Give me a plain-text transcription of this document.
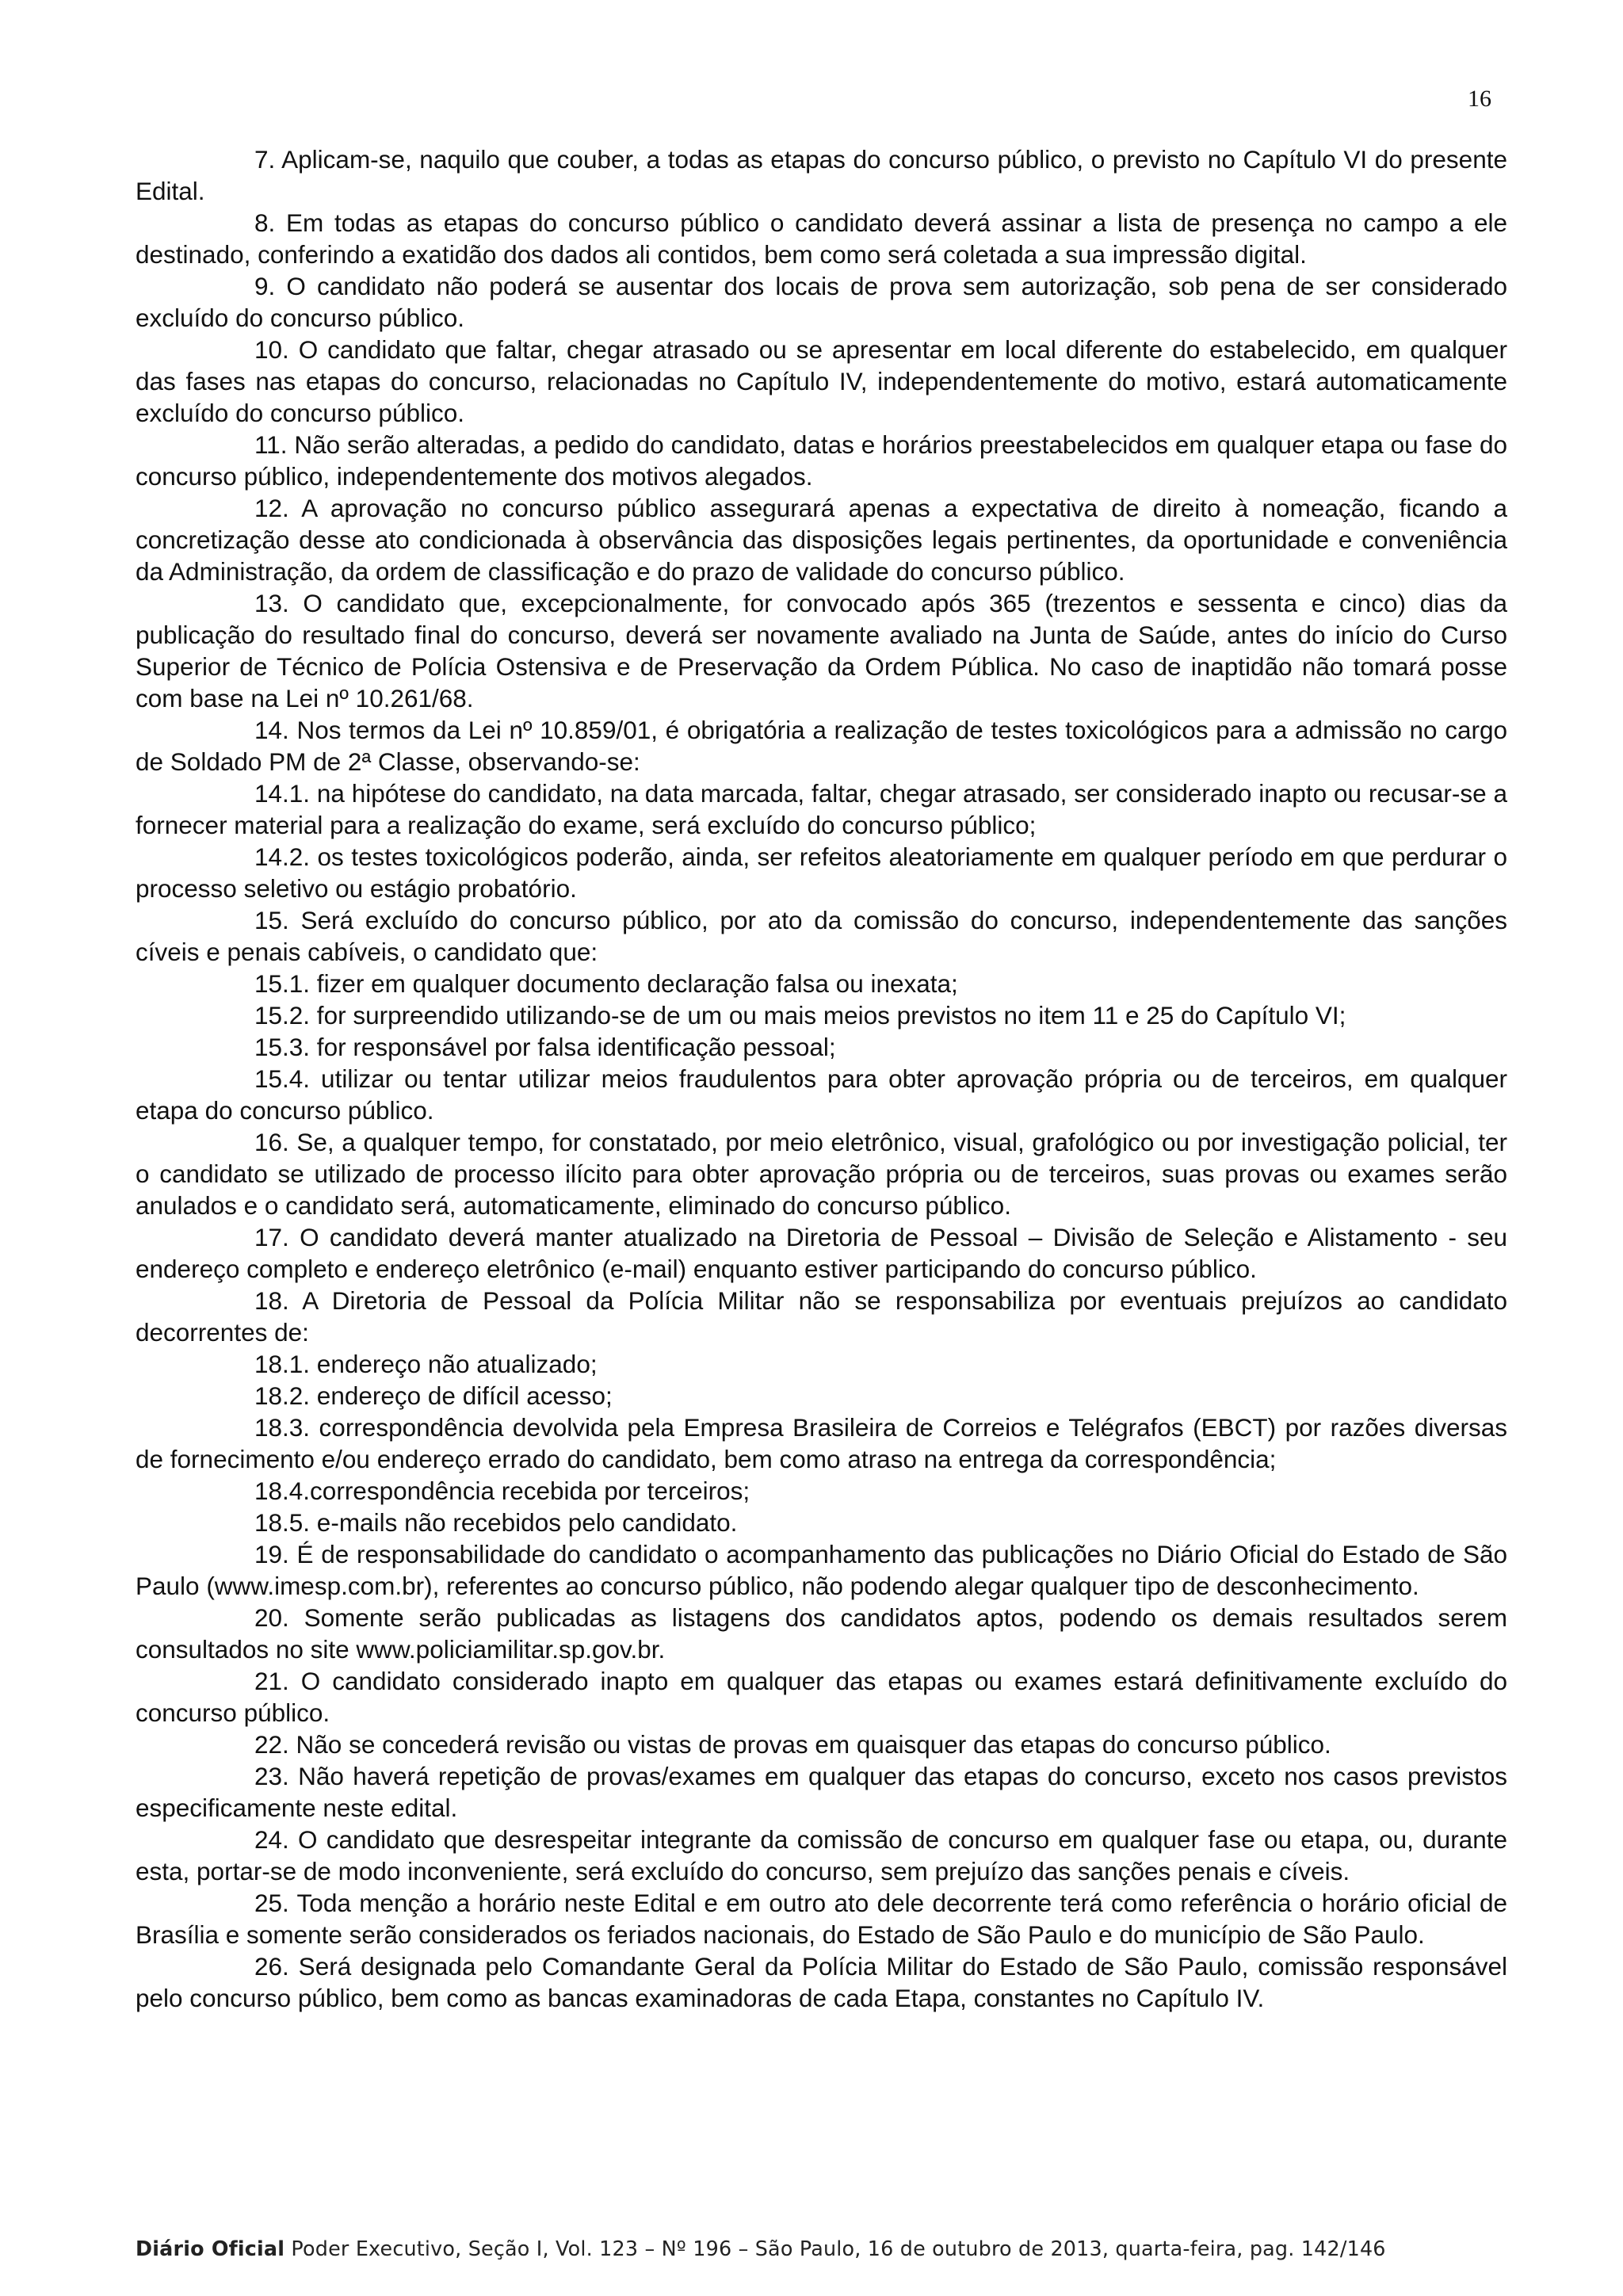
16

7. Aplicam-se, naquilo que couber, a todas as etapas do concurso público, o previsto no Capítulo VI do presente Edital.

8. Em todas as etapas do concurso público o candidato deverá assinar a lista de presença no campo a ele destinado, conferindo a exatidão dos dados ali contidos, bem como será coletada a sua impressão digital.

9. O candidato não poderá se ausentar dos locais de prova sem autorização, sob pena de ser considerado excluído do concurso público.

10. O candidato que faltar, chegar atrasado ou se apresentar em local diferente do estabelecido, em qualquer das fases nas etapas do concurso, relacionadas no Capítulo IV, independentemente do motivo, estará automaticamente excluído do concurso público.

11. Não serão alteradas, a pedido do candidato, datas e horários preestabelecidos em qualquer etapa ou fase do concurso público, independentemente dos motivos alegados.

12. A aprovação no concurso público assegurará apenas a expectativa de direito à nomeação, ficando a concretização desse ato condicionada à observância das disposições legais pertinentes, da oportunidade e conveniência da Administração, da ordem de classificação e do prazo de validade do concurso público.

13. O candidato que, excepcionalmente, for convocado após 365 (trezentos e sessenta e cinco) dias da publicação do resultado final do concurso, deverá ser novamente avaliado na Junta de Saúde, antes do início do Curso Superior de Técnico de Polícia Ostensiva e de Preservação da Ordem Pública. No caso de inaptidão não tomará posse com base na Lei nº 10.261/68.

14. Nos termos da Lei nº 10.859/01, é obrigatória a realização de testes toxicológicos para a admissão no cargo de Soldado PM de 2ª Classe, observando-se:

14.1. na hipótese do candidato, na data marcada, faltar, chegar atrasado, ser considerado inapto ou recusar-se a fornecer material para a realização do exame, será excluído do concurso público;

14.2. os testes toxicológicos poderão, ainda, ser refeitos aleatoriamente em qualquer período em que perdurar o processo seletivo ou estágio probatório.

15. Será excluído do concurso público, por ato da comissão do concurso, independentemente das sanções cíveis e penais cabíveis, o candidato que:

15.1. fizer em qualquer documento declaração falsa ou inexata;

15.2. for surpreendido utilizando-se de um ou mais meios previstos no item 11 e 25 do Capítulo VI;

15.3. for responsável por falsa identificação pessoal;

15.4. utilizar ou tentar utilizar meios fraudulentos para obter aprovação própria ou de terceiros, em qualquer etapa do concurso público.

16. Se, a qualquer tempo, for constatado, por meio eletrônico, visual, grafológico ou por investigação policial, ter o candidato se utilizado de processo ilícito para obter aprovação própria ou de terceiros, suas provas ou exames serão anulados e o candidato será, automaticamente, eliminado do concurso público.

17. O candidato deverá manter atualizado na Diretoria de Pessoal – Divisão de Seleção e Alistamento - seu endereço completo e endereço eletrônico (e-mail) enquanto estiver participando do concurso público.

18. A Diretoria de Pessoal da Polícia Militar não se responsabiliza por eventuais prejuízos ao candidato decorrentes de:

18.1. endereço não atualizado;

18.2. endereço de difícil acesso;

18.3. correspondência devolvida pela Empresa Brasileira de Correios e Telégrafos (EBCT) por razões diversas de fornecimento e/ou endereço errado do candidato, bem como atraso na entrega da correspondência;

18.4.correspondência recebida por terceiros;

18.5. e-mails não recebidos pelo candidato.

19. É de responsabilidade do candidato o acompanhamento das publicações no Diário Oficial do Estado de São Paulo (www.imesp.com.br), referentes ao concurso público, não podendo alegar qualquer tipo de desconhecimento.

20. Somente serão publicadas as listagens dos candidatos aptos, podendo os demais resultados serem consultados no site www.policiamilitar.sp.gov.br.

21. O candidato considerado inapto em qualquer das etapas ou exames estará definitivamente excluído do concurso público.

22. Não se concederá revisão ou vistas de provas em quaisquer das etapas do concurso público.

23. Não haverá repetição de provas/exames em qualquer das etapas do concurso, exceto nos casos previstos especificamente neste edital.

24. O candidato que desrespeitar integrante da comissão de concurso em qualquer fase ou etapa, ou, durante esta, portar-se de modo inconveniente, será excluído do concurso, sem prejuízo das sanções penais e cíveis.

25. Toda menção a horário neste Edital e em outro ato dele decorrente terá como referência o horário oficial de Brasília e somente serão considerados os feriados nacionais, do Estado de São Paulo e do município de São Paulo.

26. Será designada pelo Comandante Geral da Polícia Militar do Estado de São Paulo, comissão responsável pelo concurso público, bem como as bancas examinadoras de cada Etapa, constantes no Capítulo IV.

Diário Oficial Poder Executivo, Seção I, Vol. 123 – Nº 196 – São Paulo, 16 de outubro de 2013, quarta-feira, pag. 142/146
